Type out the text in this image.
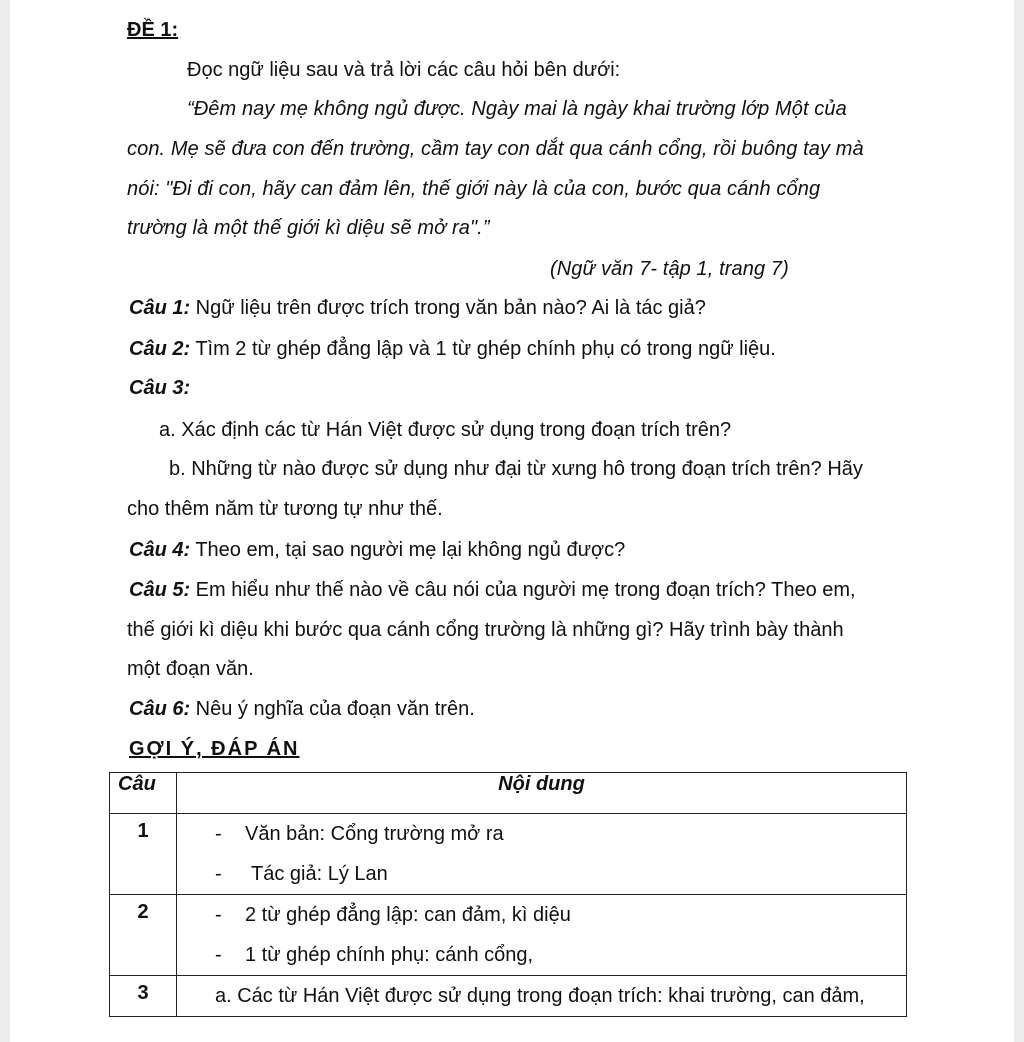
ĐỀ 1:
Đọc ngữ liệu sau và trả lời các câu hỏi bên dưới:
“Đêm nay mẹ không ngủ được. Ngày mai là ngày khai trường lớp Một của
con. Mẹ sẽ đưa con đến trường, cầm tay con dắt qua cánh cổng, rồi buông tay mà
nói: "Đi đi con, hãy can đảm lên, thế giới này là của con, bước qua cánh cổng
trường là một thế giới kì diệu sẽ mở ra".”
(Ngữ văn 7- tập 1, trang 7)
Câu 1: Ngữ liệu trên được trích trong văn bản nào? Ai là tác giả?
Câu 2: Tìm 2 từ ghép đẳng lập và 1 từ ghép chính phụ có trong ngữ liệu.
Câu 3:
a. Xác định các từ Hán Việt được sử dụng trong đoạn trích trên?
b. Những từ nào được sử dụng như đại từ xưng hô trong đoạn trích trên? Hãy
cho thêm năm từ tương tự như thế.
Câu 4: Theo em, tại sao người mẹ lại không ngủ được?
Câu 5: Em hiểu như thế nào về câu nói của người mẹ trong đoạn trích? Theo em,
thế giới kì diệu khi bước qua cánh cổng trường là những gì? Hãy trình bày thành
một đoạn văn.
Câu 6: Nêu ý nghĩa của đoạn văn trên.
GỢI Ý, ĐÁP ÁN
Câu	Nội dung
1	- Văn bản: Cổng trường mở ra
- Tác giả: Lý Lan

2	- 2 từ ghép đẳng lập: can đảm, kì diệu
- 1 từ ghép chính phụ: cánh cổng,

3	a. Các từ Hán Việt được sử dụng trong đoạn trích: khai trường, can đảm,
